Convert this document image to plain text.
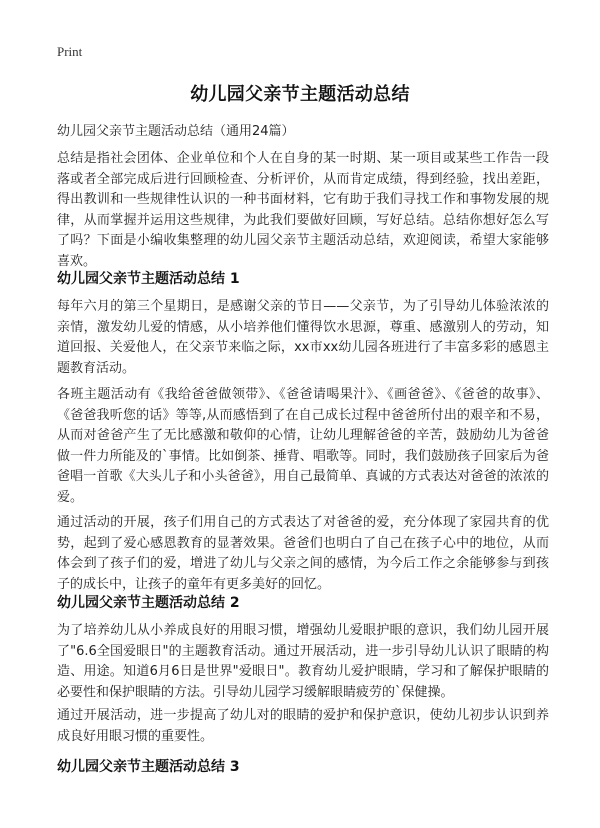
Print
幼儿园父亲节主题活动总结

幼儿园父亲节主题活动总结（通用24篇）

总结是指社会团体、企业单位和个人在自身的某一时期、某一项目或某些工作告一段落或者全部完成后进行回顾检查、分析评价，从而肯定成绩，得到经验，找出差距，得出教训和一些规律性认识的一种书面材料，它有助于我们寻找工作和事物发展的规律，从而掌握并运用这些规律，为此我们要做好回顾，写好总结。总结你想好怎么写了吗？下面是小编收集整理的幼儿园父亲节主题活动总结，欢迎阅读，希望大家能够喜欢。

幼儿园父亲节主题活动总结 1

每年六月的第三个星期日，是感谢父亲的节日——父亲节，为了引导幼儿体验浓浓的亲情，激发幼儿爱的情感，从小培养他们懂得饮水思源，尊重、感激别人的劳动，知道回报、关爱他人，在父亲节来临之际，xx市xx幼儿园各班进行了丰富多彩的感恩主题教育活动。

各班主题活动有《我给爸爸做领带》、《爸爸请喝果汁》、《画爸爸》、《爸爸的故事》、《爸爸我听您的话》等等,从而感悟到了在自己成长过程中爸爸所付出的艰辛和不易，从而对爸爸产生了无比感激和敬仰的心情，让幼儿理解爸爸的辛苦，鼓励幼儿为爸爸做一件力所能及的`事情。比如倒茶、捶背、唱歌等。同时，我们鼓励孩子回家后为爸爸唱一首歌《大头儿子和小头爸爸》，用自己最简单、真诚的方式表达对爸爸的浓浓的爱。

通过活动的开展，孩子们用自己的方式表达了对爸爸的爱，充分体现了家园共育的优势，起到了爱心感恩教育的显著效果。爸爸们也明白了自己在孩子心中的地位，从而体会到了孩子们的爱，增进了幼儿与父亲之间的感情，为今后工作之余能够参与到孩子的成长中，让孩子的童年有更多美好的回忆。

幼儿园父亲节主题活动总结 2

为了培养幼儿从小养成良好的用眼习惯，增强幼儿爱眼护眼的意识，我们幼儿园开展了"6.6全国爱眼日"的主题教育活动。通过开展活动，进一步引导幼儿认识了眼睛的构造、用途。知道6月6日是世界"爱眼日"。教育幼儿爱护眼睛，学习和了解保护眼睛的必要性和保护眼睛的方法。引导幼儿园学习缓解眼睛疲劳的`保健操。

通过开展活动，进一步提高了幼儿对的眼睛的爱护和保护意识，使幼儿初步认识到养成良好用眼习惯的重要性。

幼儿园父亲节主题活动总结 3
